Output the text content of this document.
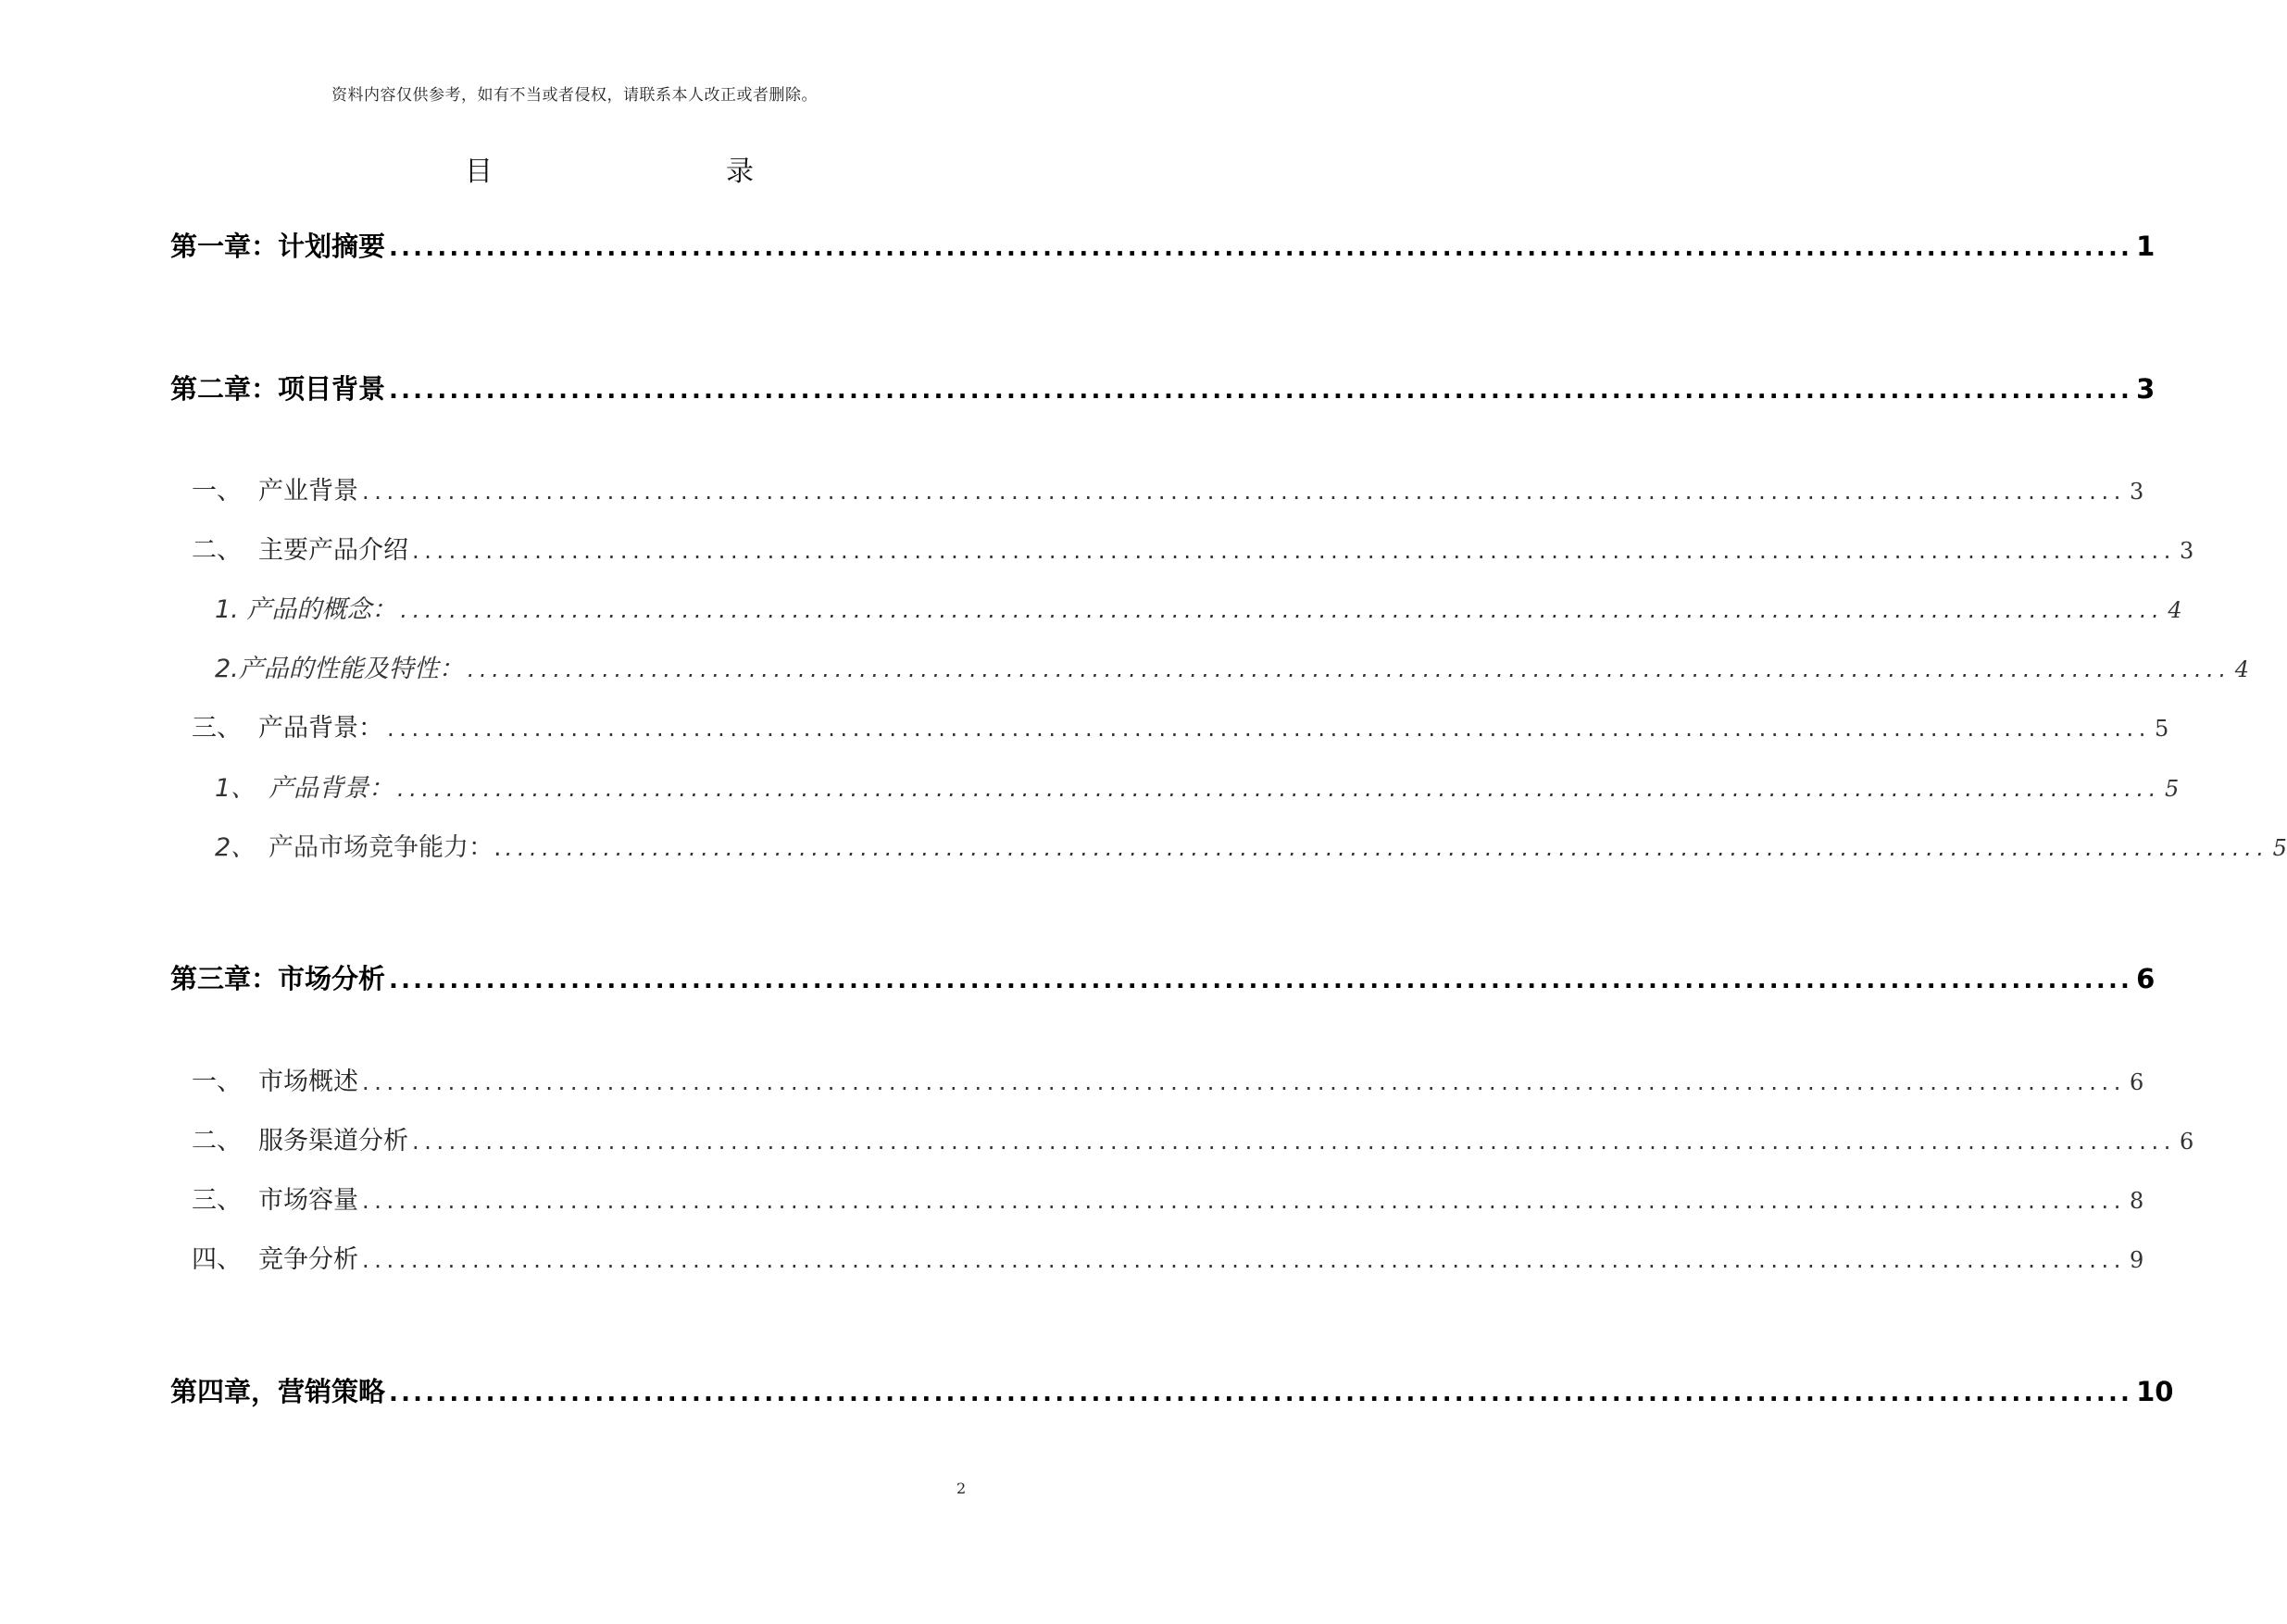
资料内容仅供参考，如有不当或者侵权，请联系本人改正或者删除。
目	录
第一章：计划摘要 ................................................................................................................................................ 1
第二章：项目背景 ................................................................................................................................................ 3
一、 产业背景 ................................................................................................................................................ 3
二、 主要产品介绍 ................................................................................................................................................ 3
1. 产品的概念： ................................................................................................................................................ 4
2.产品的性能及特性： ................................................................................................................................................ 4
三、 产品背景： ................................................................................................................................................ 5
1、 产品背景： ................................................................................................................................................ 5
2、 产品市场竞争能力：. ................................................................................................................................................ 5
第三章：市场分析 ................................................................................................................................................ 6
一、 市场概述 ................................................................................................................................................ 6
二、 服务渠道分析 ................................................................................................................................................ 6
三、 市场容量 ................................................................................................................................................ 8
四、 竞争分析 ................................................................................................................................................ 9
第四章，营销策略 ................................................................................................................................................ 10
2
